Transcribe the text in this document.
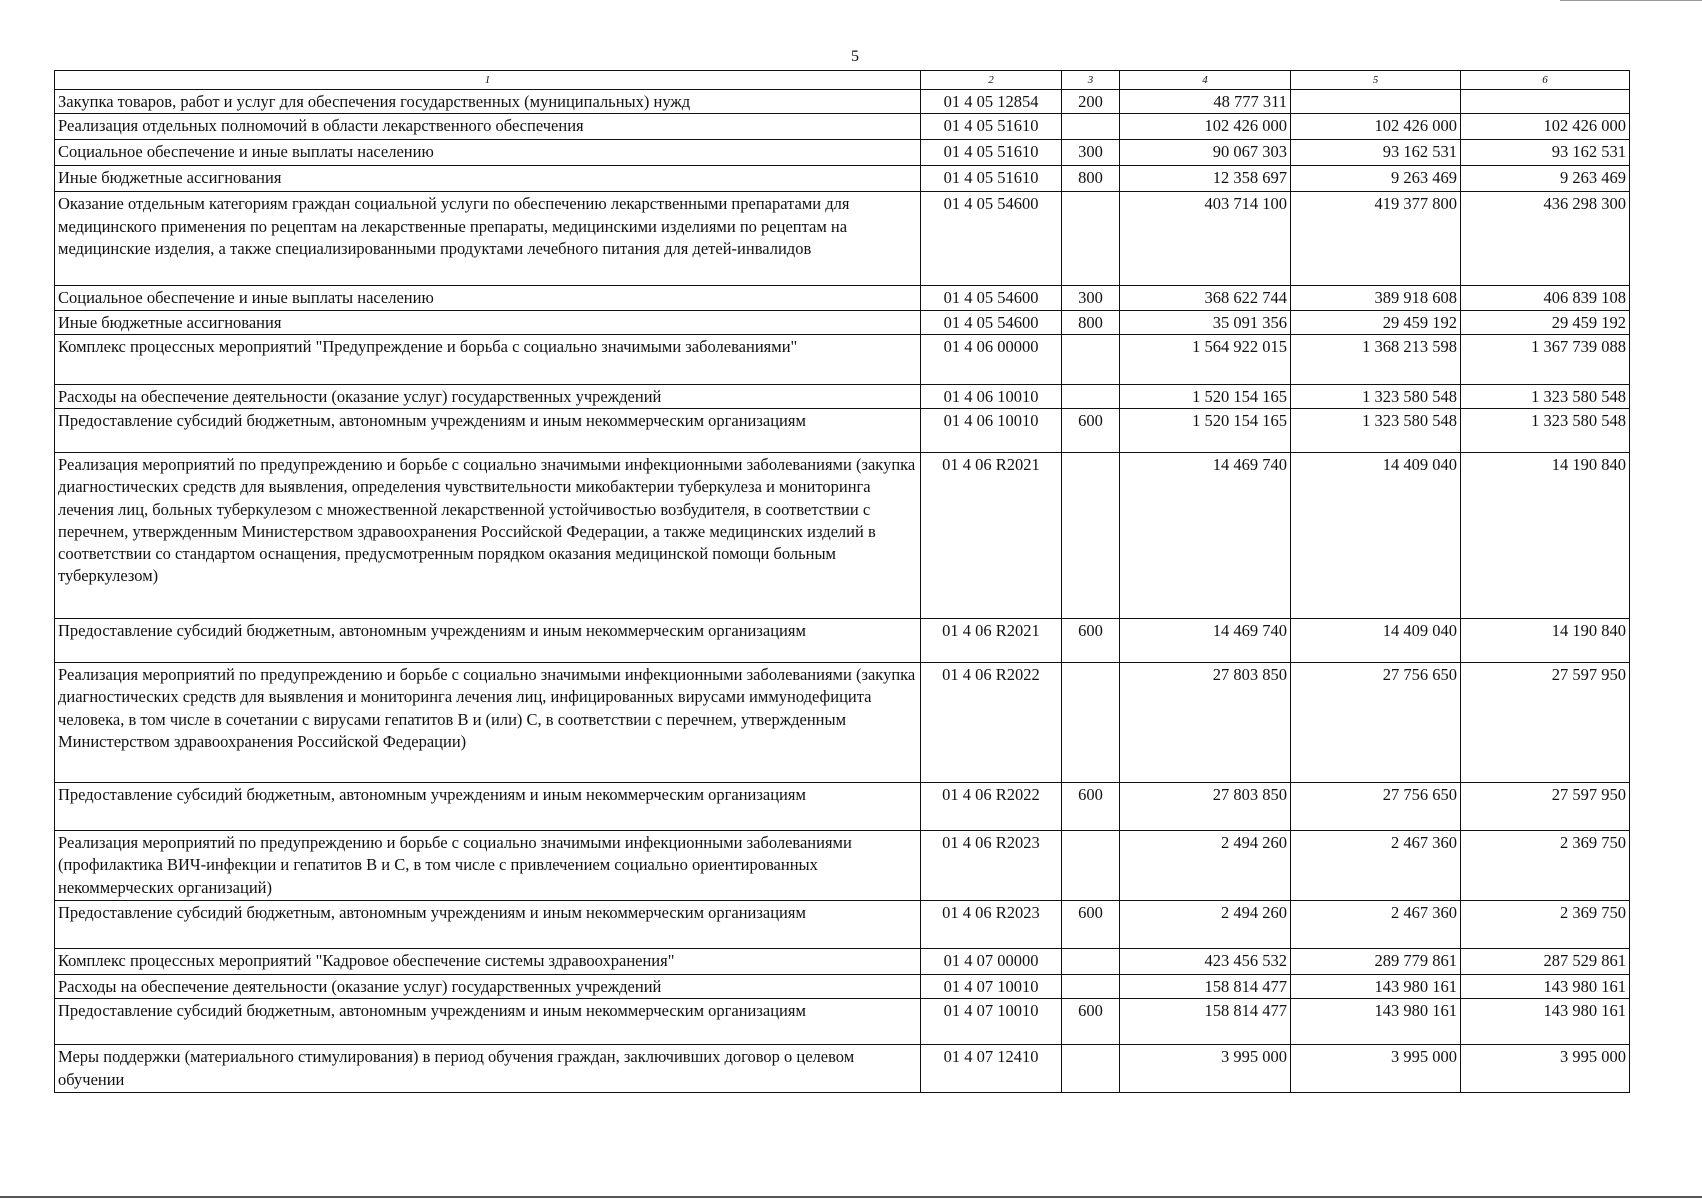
5
1	2	3	4	5	6
Закупка товаров, работ и услуг для обеспечения государственных (муниципальных) нужд	01 4 05 12854	200	48 777 311		
Реализация отдельных полномочий в области лекарственного обеспечения	01 4 05 51610		102 426 000	102 426 000	102 426 000
Социальное обеспечение и иные выплаты населению	01 4 05 51610	300	90 067 303	93 162 531	93 162 531
Иные бюджетные ассигнования	01 4 05 51610	800	12 358 697	9 263 469	9 263 469
Оказание отдельным категориям граждан социальной услуги по обеспечению лекарственными препаратами для медицинского применения по рецептам на лекарственные препараты, медицинскими изделиями по рецептам на медицинские изделия, а также специализированными продуктами лечебного питания для детей-инвалидов	01 4 05 54600		403 714 100	419 377 800	436 298 300
Социальное обеспечение и иные выплаты населению	01 4 05 54600	300	368 622 744	389 918 608	406 839 108
Иные бюджетные ассигнования	01 4 05 54600	800	35 091 356	29 459 192	29 459 192
Комплекс процессных мероприятий "Предупреждение и борьба с социально значимыми заболеваниями"	01 4 06 00000		1 564 922 015	1 368 213 598	1 367 739 088
Расходы на обеспечение деятельности (оказание услуг) государственных учреждений	01 4 06 10010		1 520 154 165	1 323 580 548	1 323 580 548
Предоставление субсидий бюджетным, автономным учреждениям и иным некоммерческим организациям	01 4 06 10010	600	1 520 154 165	1 323 580 548	1 323 580 548
Реализация мероприятий по предупреждению и борьбе с социально значимыми инфекционными заболеваниями (закупка диагностических средств для выявления, определения чувствительности микобактерии туберкулеза и мониторинга лечения лиц, больных туберкулезом с множественной лекарственной устойчивостью возбудителя, в соответствии с перечнем, утвержденным Министерством здравоохранения Российской Федерации, а также медицинских изделий в соответствии со стандартом оснащения, предусмотренным порядком оказания медицинской помощи больным туберкулезом)	01 4 06 R2021		14 469 740	14 409 040	14 190 840
Предоставление субсидий бюджетным, автономным учреждениям и иным некоммерческим организациям	01 4 06 R2021	600	14 469 740	14 409 040	14 190 840
Реализация мероприятий по предупреждению и борьбе с социально значимыми инфекционными заболеваниями (закупка диагностических средств для выявления и мониторинга лечения лиц, инфицированных вирусами иммунодефицита человека, в том числе в сочетании с вирусами гепатитов В и (или) С, в соответствии с перечнем, утвержденным Министерством здравоохранения Российской Федерации)	01 4 06 R2022		27 803 850	27 756 650	27 597 950
Предоставление субсидий бюджетным, автономным учреждениям и иным некоммерческим организациям	01 4 06 R2022	600	27 803 850	27 756 650	27 597 950
Реализация мероприятий по предупреждению и борьбе с социально значимыми инфекционными заболеваниями (профилактика ВИЧ-инфекции и гепатитов В и С, в том числе с привлечением социально ориентированных некоммерческих организаций)	01 4 06 R2023		2 494 260	2 467 360	2 369 750
Предоставление субсидий бюджетным, автономным учреждениям и иным некоммерческим организациям	01 4 06 R2023	600	2 494 260	2 467 360	2 369 750
Комплекс процессных мероприятий "Кадровое обеспечение системы здравоохранения"	01 4 07 00000		423 456 532	289 779 861	287 529 861
Расходы на обеспечение деятельности (оказание услуг) государственных учреждений	01 4 07 10010		158 814 477	143 980 161	143 980 161
Предоставление субсидий бюджетным, автономным учреждениям и иным некоммерческим организациям	01 4 07 10010	600	158 814 477	143 980 161	143 980 161
Меры поддержки (материального стимулирования) в период обучения граждан, заключивших договор о целевом обучении	01 4 07 12410		3 995 000	3 995 000	3 995 000
